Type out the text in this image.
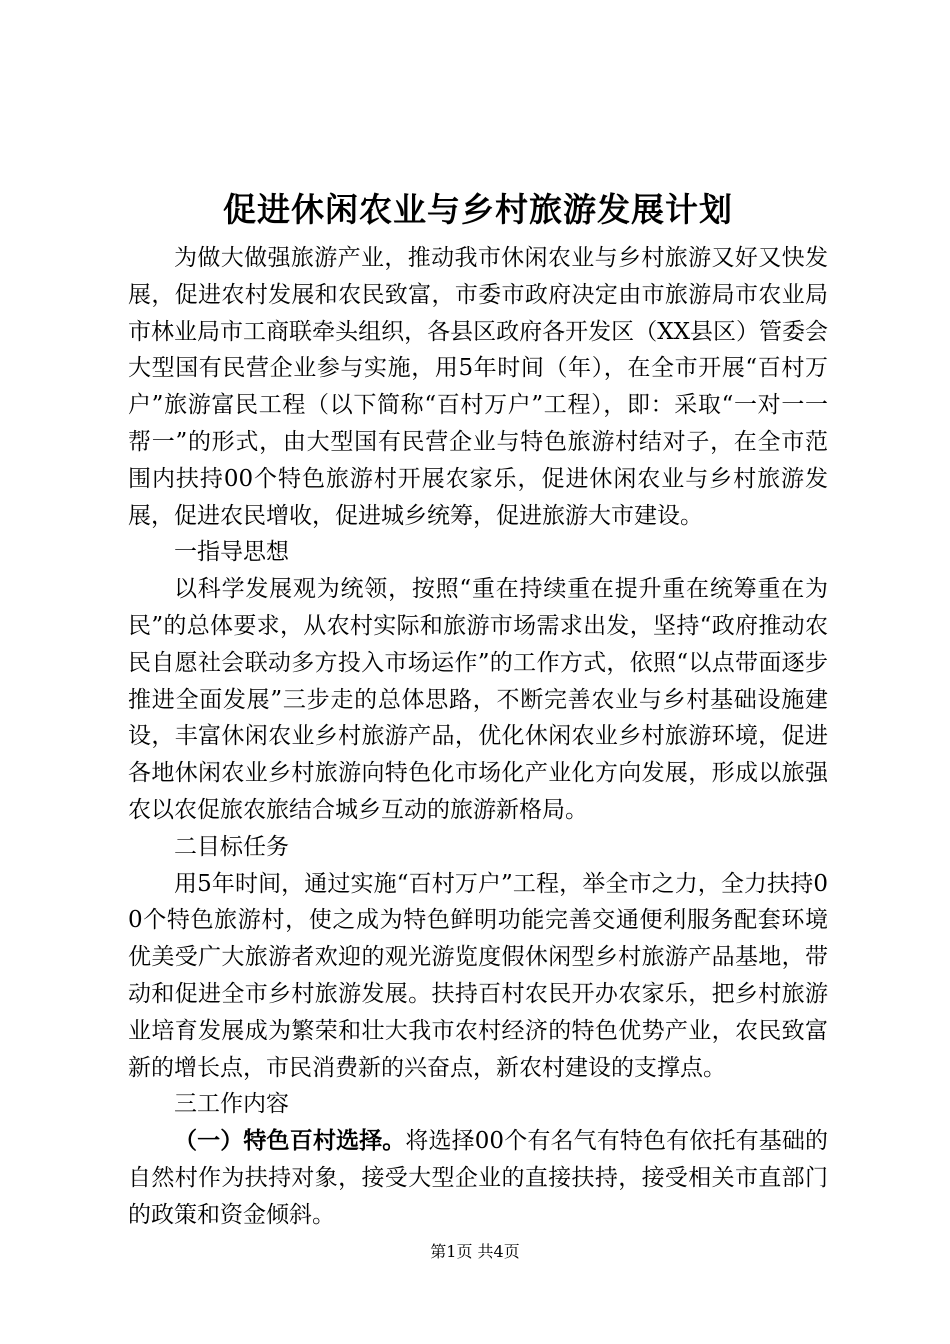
促进休闲农业与乡村旅游发展计划

为做大做强旅游产业，推动我市休闲农业与乡村旅游又好又快发展，促进农村发展和农民致富，市委市政府决定由市旅游局市农业局市林业局市工商联牵头组织，各县区政府各开发区（XX县区）管委会大型国有民营企业参与实施，用5年时间（年），在全市开展“百村万户”旅游富民工程（以下简称“百村万户”工程），即：采取“一对一一帮一”的形式，由大型国有民营企业与特色旅游村结对子，在全市范围内扶持00个特色旅游村开展农家乐，促进休闲农业与乡村旅游发展，促进农民增收，促进城乡统筹，促进旅游大市建设。

一指导思想

以科学发展观为统领，按照“重在持续重在提升重在统筹重在为民”的总体要求，从农村实际和旅游市场需求出发，坚持“政府推动农民自愿社会联动多方投入市场运作”的工作方式，依照“以点带面逐步推进全面发展”三步走的总体思路，不断完善农业与乡村基础设施建设，丰富休闲农业乡村旅游产品，优化休闲农业乡村旅游环境，促进各地休闲农业乡村旅游向特色化市场化产业化方向发展，形成以旅强农以农促旅农旅结合城乡互动的旅游新格局。

二目标任务

用5年时间，通过实施“百村万户”工程，举全市之力，全力扶持00个特色旅游村，使之成为特色鲜明功能完善交通便利服务配套环境优美受广大旅游者欢迎的观光游览度假休闲型乡村旅游产品基地，带动和促进全市乡村旅游发展。扶持百村农民开办农家乐，把乡村旅游业培育发展成为繁荣和壮大我市农村经济的特色优势产业，农民致富新的增长点，市民消费新的兴奋点，新农村建设的支撑点。

三工作内容

（一）特色百村选择。将选择00个有名气有特色有依托有基础的自然村作为扶持对象，接受大型企业的直接扶持，接受相关市直部门的政策和资金倾斜。

第1页 共4页
